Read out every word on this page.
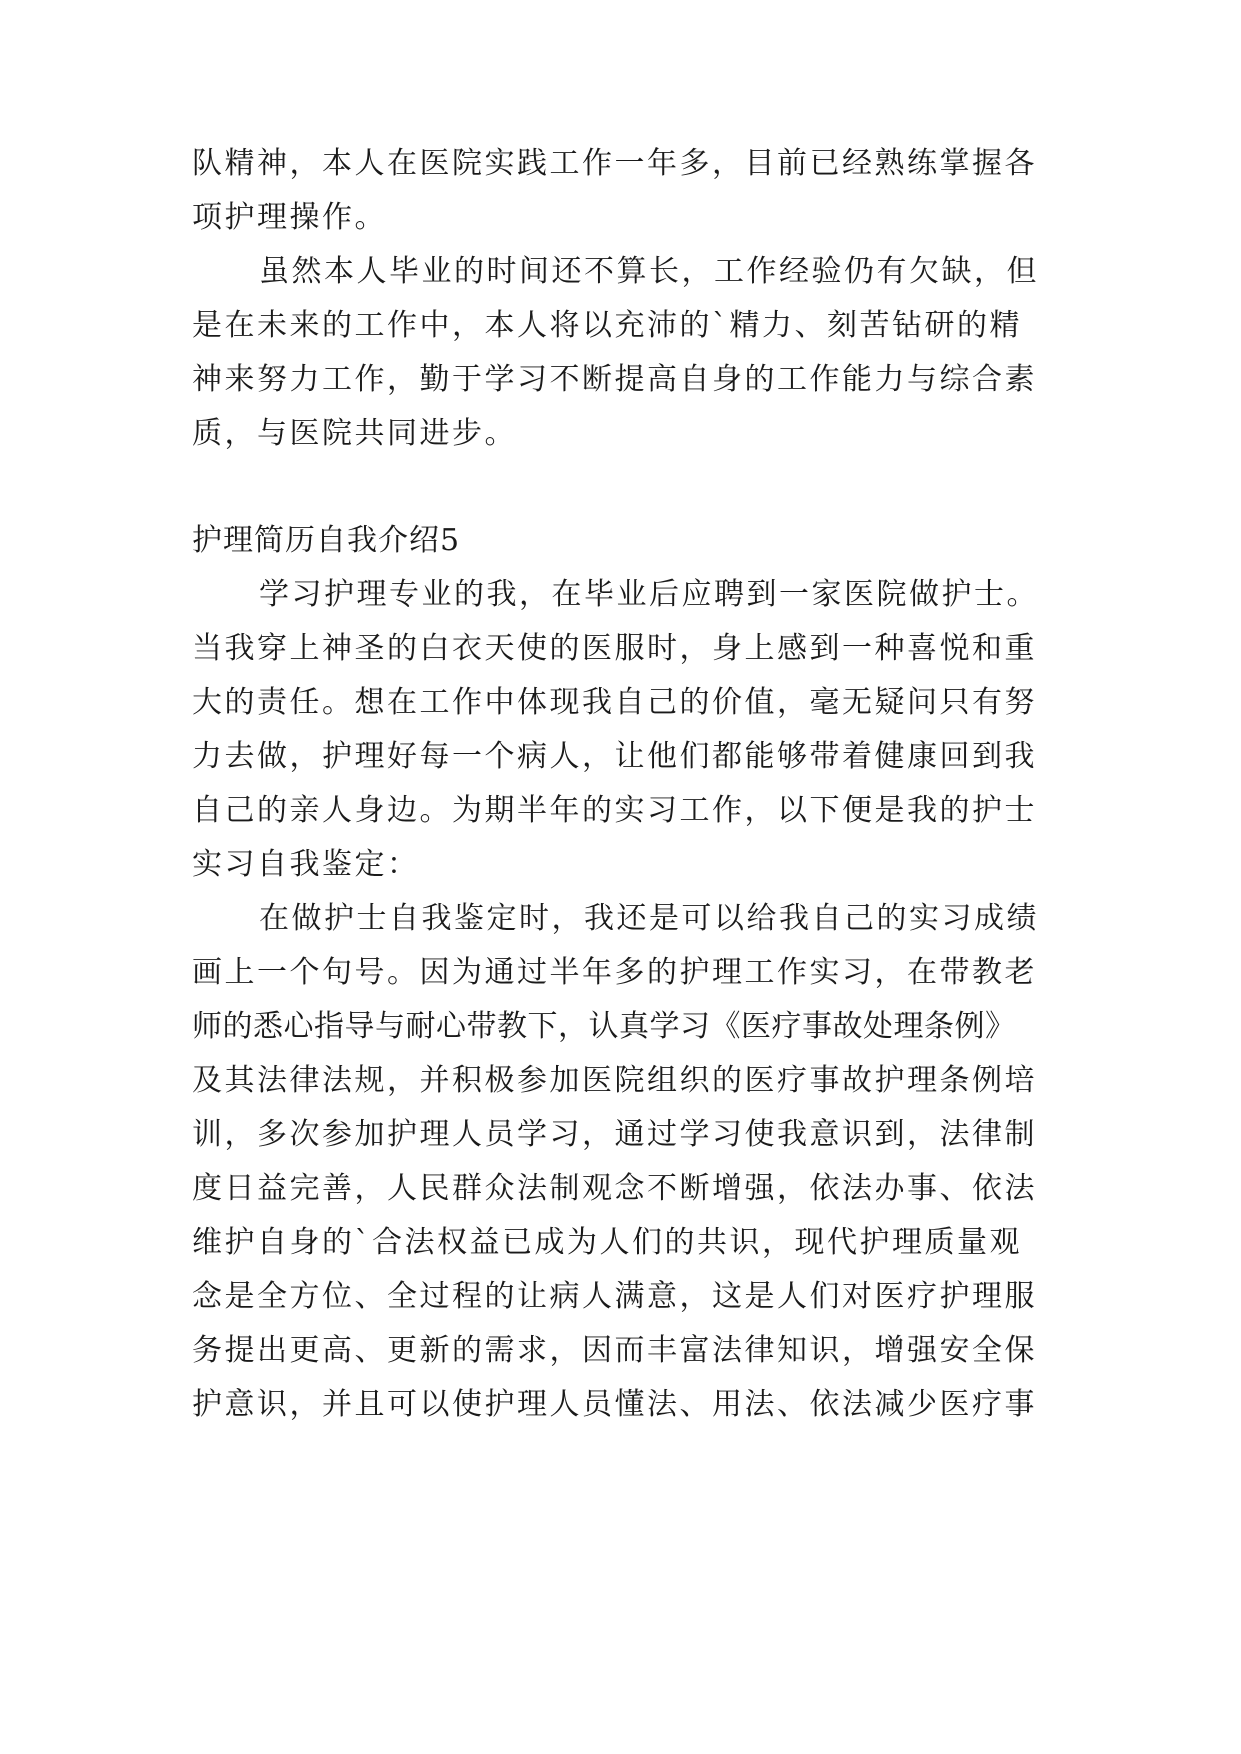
队精神，本人在医院实践工作一年多，目前已经熟练掌握各

项护理操作。

虽然本人毕业的时间还不算长，工作经验仍有欠缺，但

是在未来的工作中，本人将以充沛的`精力、刻苦钻研的精

神来努力工作，勤于学习不断提高自身的工作能力与综合素

质，与医院共同进步。

护理简历自我介绍5

学习护理专业的我，在毕业后应聘到一家医院做护士。

当我穿上神圣的白衣天使的医服时，身上感到一种喜悦和重

大的责任。想在工作中体现我自己的价值，毫无疑问只有努

力去做，护理好每一个病人，让他们都能够带着健康回到我

自己的亲人身边。为期半年的实习工作，以下便是我的护士

实习自我鉴定：

在做护士自我鉴定时，我还是可以给我自己的实习成绩

画上一个句号。因为通过半年多的护理工作实习，在带教老

师的悉心指导与耐心带教下，认真学习《医疗事故处理条例》

及其法律法规，并积极参加医院组织的医疗事故护理条例培

训，多次参加护理人员学习，通过学习使我意识到，法律制

度日益完善，人民群众法制观念不断增强，依法办事、依法

维护自身的`合法权益已成为人们的共识，现代护理质量观

念是全方位、全过程的让病人满意，这是人们对医疗护理服

务提出更高、更新的需求，因而丰富法律知识，增强安全保

护意识，并且可以使护理人员懂法、用法、依法减少医疗事
